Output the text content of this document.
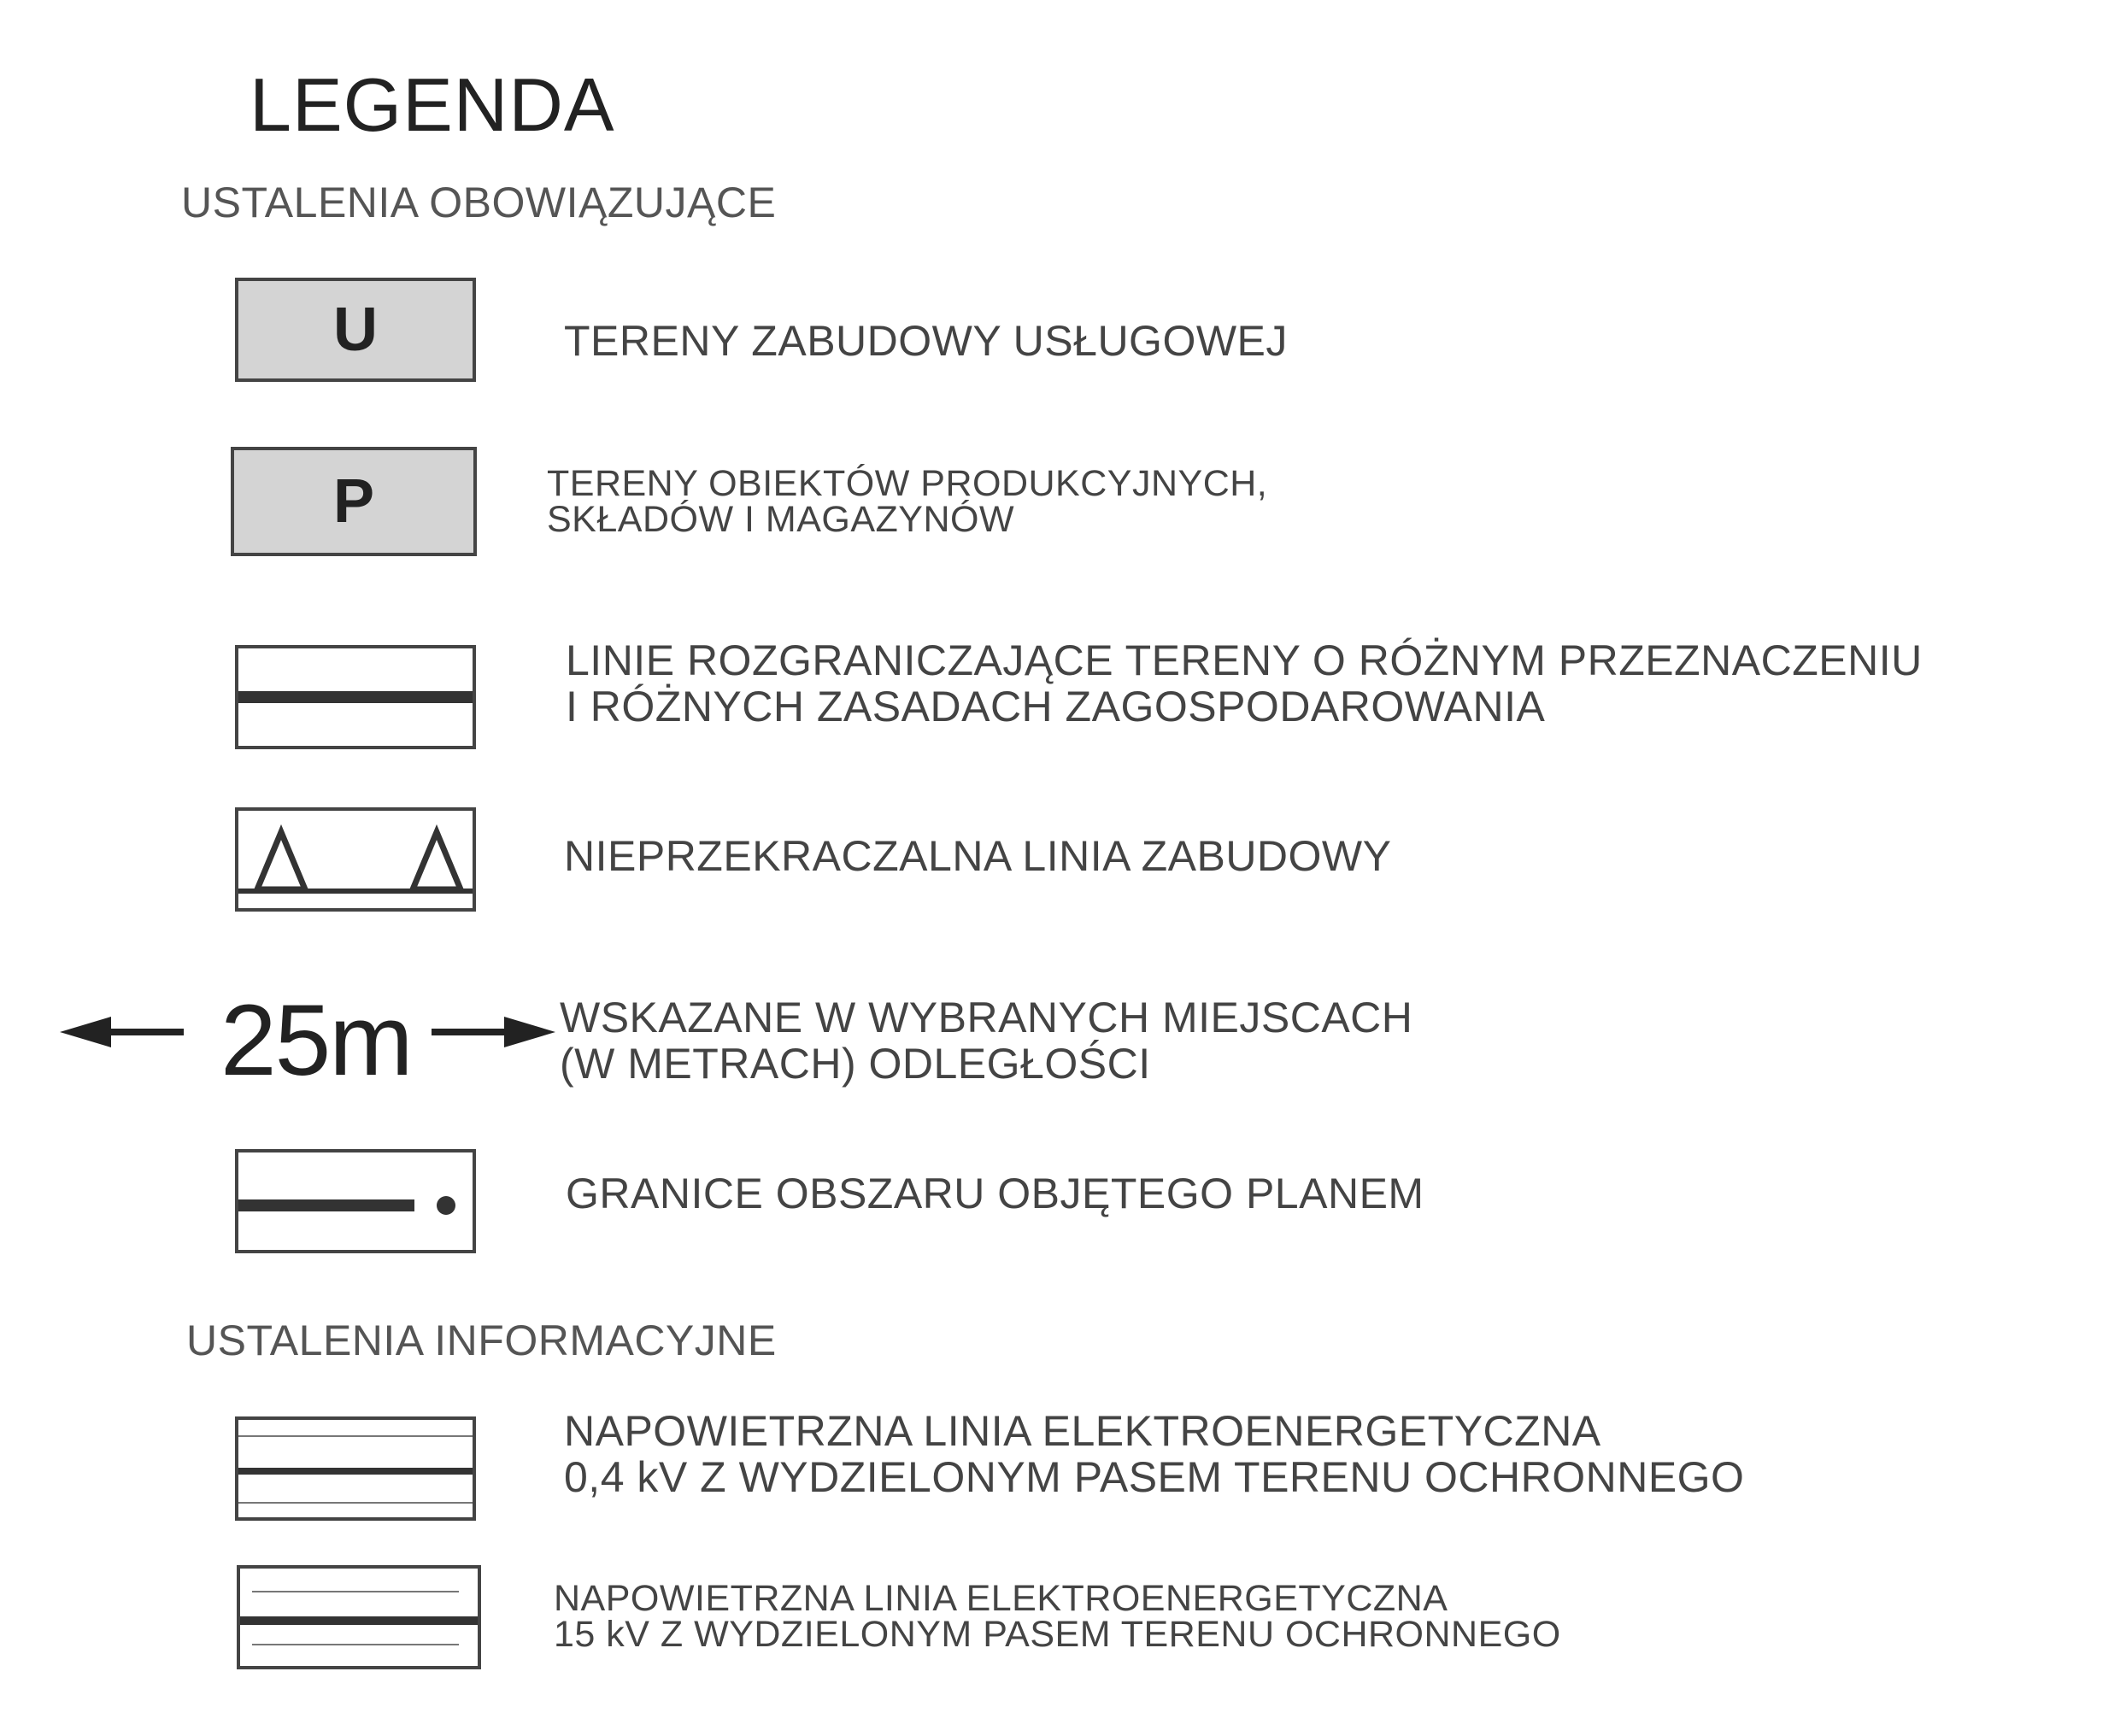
LEGENDA
USTALENIA OBOWIĄZUJĄCE
U	TERENY ZABUDOWY USŁUGOWEJ
P	TERENY OBIEKTÓW PRODUKCYJNYCH,
SKŁADÓW I MAGAZYNÓW
LINIE ROZGRANICZAJĄCE TERENY O RÓŻNYM PRZEZNACZENIU
I RÓŻNYCH ZASADACH ZAGOSPODAROWANIA
NIEPRZEKRACZALNA LINIA ZABUDOWY
25m	WSKAZANE W WYBRANYCH MIEJSCACH
(W METRACH) ODLEGŁOŚCI
GRANICE OBSZARU OBJĘTEGO PLANEM
USTALENIA INFORMACYJNE
NAPOWIETRZNA LINIA ELEKTROENERGETYCZNA
0,4 kV Z WYDZIELONYM PASEM TERENU OCHRONNEGO
NAPOWIETRZNA LINIA ELEKTROENERGETYCZNA
15 kV Z WYDZIELONYM PASEM TERENU OCHRONNEGO
